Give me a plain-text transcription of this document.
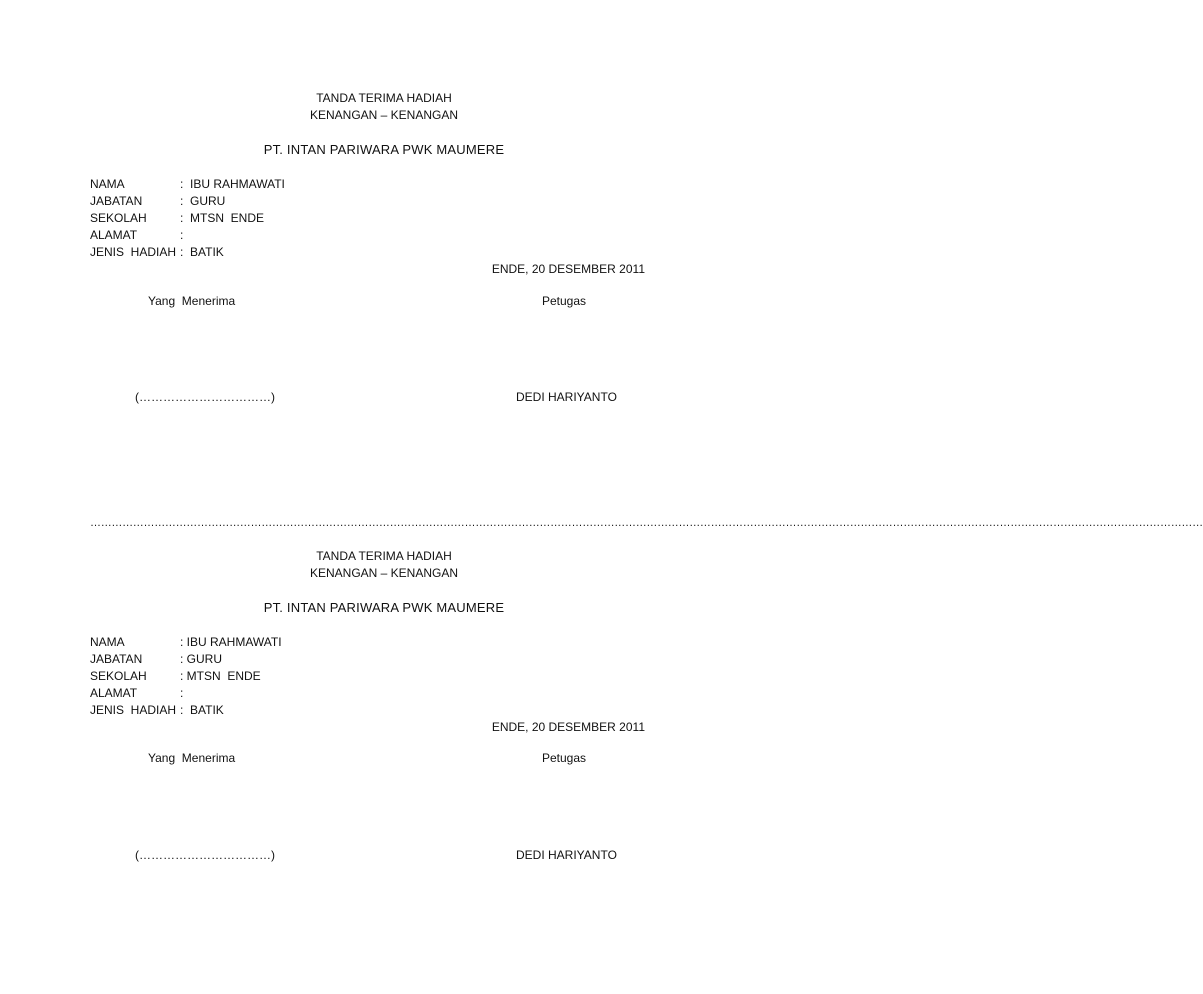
TANDA TERIMA HADIAH
KENANGAN – KENANGAN
PT. INTAN PARIWARA PWK MAUMERE
NAMA	:  IBU RAHMAWATI
JABATAN	:  GURU
SEKOLAH	:  MTSN  ENDE
ALAMAT	:
JENIS  HADIAH :  BATIK
ENDE, 20 DESEMBER 2011
Yang  Menerima	Petugas
(……………………………)	DEDI HARIYANTO
……………………………………………………………………………………………………………………………………………………………………………………………………………………………………………………………………………………
TANDA TERIMA HADIAH
KENANGAN – KENANGAN
PT. INTAN PARIWARA PWK MAUMERE
NAMA	: IBU RAHMAWATI
JABATAN	: GURU
SEKOLAH	: MTSN  ENDE
ALAMAT	:
JENIS  HADIAH :  BATIK
ENDE, 20 DESEMBER 2011
Yang  Menerima	Petugas
(……………………………)	DEDI HARIYANTO
